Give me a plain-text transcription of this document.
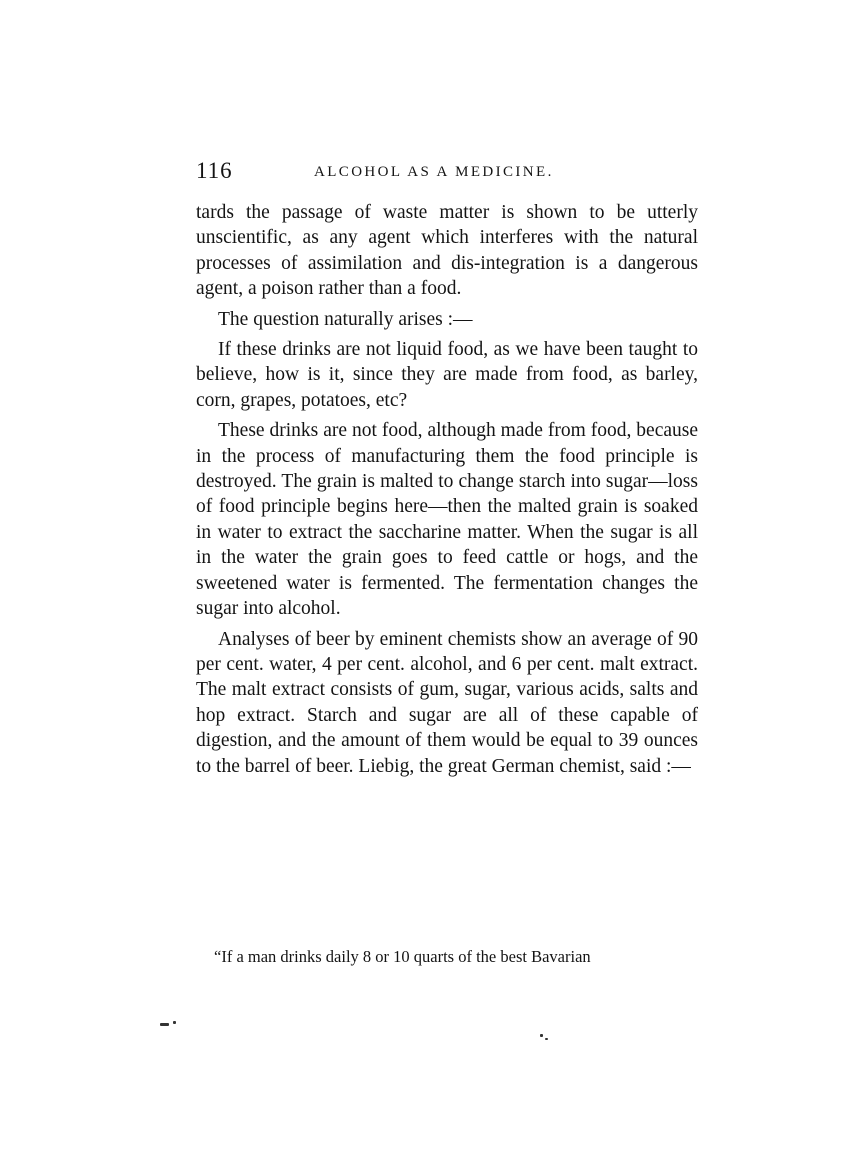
116	ALCOHOL AS A MEDICINE.

tards the passage of waste matter is shown to be utterly unscientific, as any agent which interferes with the natural processes of assimilation and dis-integration is a dangerous agent, a poison rather than a food.

The question naturally arises :—

If these drinks are not liquid food, as we have been taught to believe, how is it, since they are made from food, as barley, corn, grapes, potatoes, etc?

These drinks are not food, although made from food, because in the process of manufacturing them the food principle is destroyed. The grain is malted to change starch into sugar—loss of food principle begins here—then the malted grain is soaked in water to extract the saccharine matter. When the sugar is all in the water the grain goes to feed cattle or hogs, and the sweetened water is fermented. The fermentation changes the sugar into alcohol.

Analyses of beer by eminent chemists show an average of 90 per cent. water, 4 per cent. alcohol, and 6 per cent. malt extract. The malt extract consists of gum, sugar, various acids, salts and hop extract. Starch and sugar are all of these capable of digestion, and the amount of them would be equal to 39 ounces to the barrel of beer. Liebig, the great German chemist, said :—

“If a man drinks daily 8 or 10 quarts of the best Bavarian
